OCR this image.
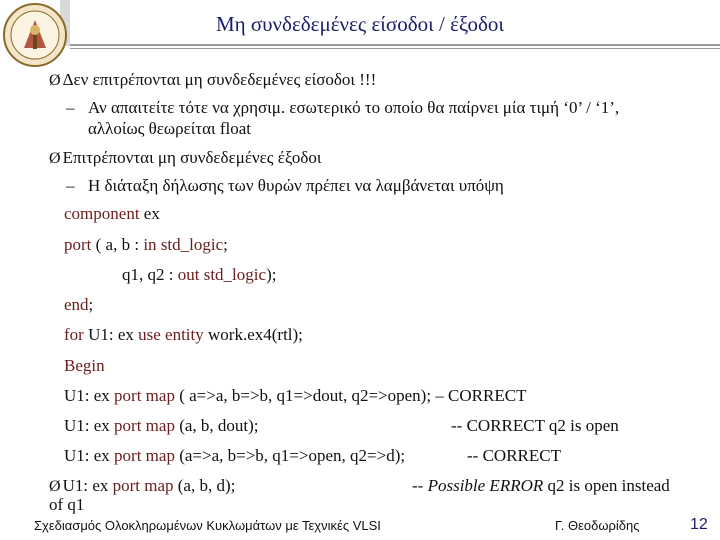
Μη συνδεδεμένες είσοδοι / έξοδοι
Ø Δεν επιτρέπονται μη συνδεδεμένες είσοδοι !!!
– Αν απαιτείτε τότε να χρησιμ. εσωτερικό το οποίο θα παίρνει μία τιμή ‘0’ / ‘1’,
αλλοίως θεωρείται float
Ø Επιτρέπονται μη συνδεδεμένες έξοδοι
– Η διάταξη δήλωσης των θυρών πρέπει να λαμβάνεται υπόψη
component ex
port ( a, b : in std_logic;
q1, q2 : out std_logic);
end;
for U1: ex use entity work.ex4(rtl);
Begin
U1: ex port map ( a=>a, b=>b, q1=>dout, q2=>open); – CORRECT
U1: ex port map (a, b, dout);	-- CORRECT q2 is open
U1: ex port map (a=>a, b=>b, q1=>open, q2=>d);	-- CORRECT
Ø U1: ex port map (a, b, d);	-- Possible ERROR q2 is open instead
of q1
Σχεδιασμός Ολοκληρωμένων Κυκλωμάτων με Τεχνικές VLSI	Γ. Θεοδωρίδης	12
